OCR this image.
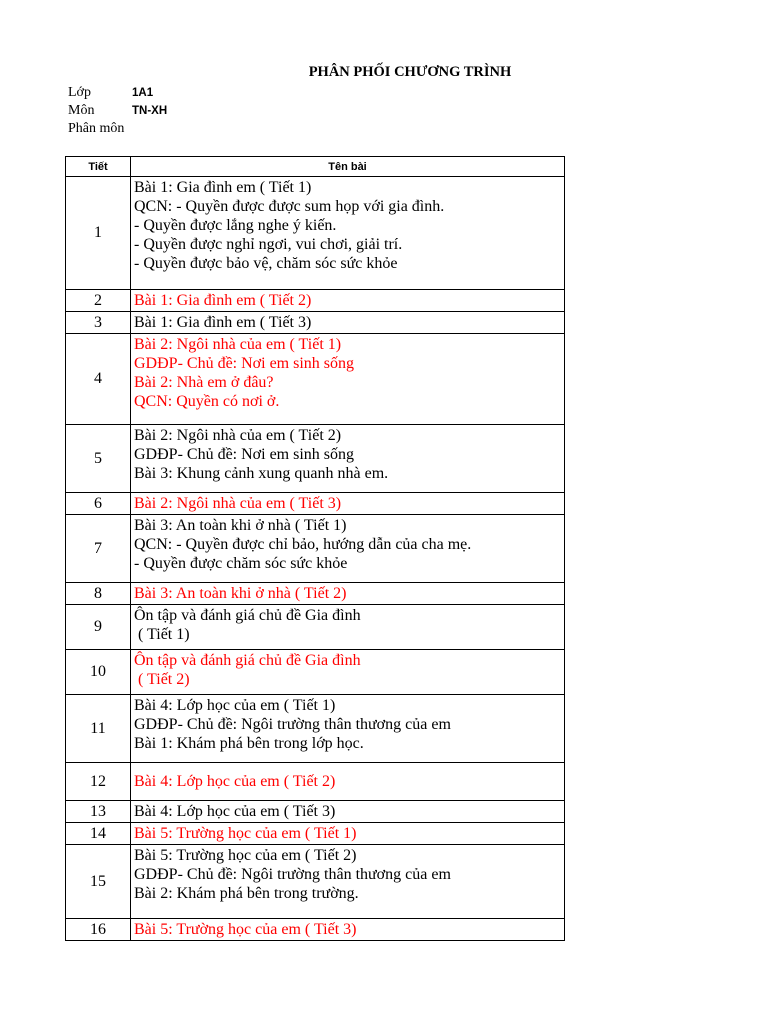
PHÂN PHỐI CHƯƠNG TRÌNH
Lớp	1A1
Môn	TN-XH
Phân môn
Tiết	Tên bài
1	Bài 1: Gia đình em ( Tiết 1)
QCN: - Quyền được được sum họp với gia đình.
- Quyền được lắng nghe ý kiến.
- Quyền được nghỉ ngơi, vui chơi, giải trí.
- Quyền được bảo vệ, chăm sóc sức khỏe

2	Bài 1: Gia đình em ( Tiết 2)

3	Bài 1: Gia đình em ( Tiết 3)

4	Bài 2: Ngôi nhà của em ( Tiết 1)
GDĐP- Chủ đề: Nơi em sinh sống
Bài 2: Nhà em ở đâu?
QCN: Quyền có nơi ở.

5	Bài 2: Ngôi nhà của em ( Tiết 2)
GDĐP- Chủ đề: Nơi em sinh sống
Bài 3: Khung cảnh xung quanh nhà em.

6	Bài 2: Ngôi nhà của em ( Tiết 3)

7	Bài 3: An toàn khi ở nhà ( Tiết 1)
QCN: - Quyền được chỉ bảo, hướng dẫn của cha mẹ.
- Quyền được chăm sóc sức khỏe

8	Bài 3: An toàn khi ở nhà ( Tiết 2)

9	Ôn tập và đánh giá chủ đề Gia đình
( Tiết 1)

10	Ôn tập và đánh giá chủ đề Gia đình
( Tiết 2)

11	Bài 4: Lớp học của em ( Tiết 1)
GDĐP- Chủ đề: Ngôi trường thân thương của em
Bài 1: Khám phá bên trong lớp học.

12	Bài 4: Lớp học của em ( Tiết 2)

13	Bài 4: Lớp học của em ( Tiết 3)

14	Bài 5: Trường học của em ( Tiết 1)

15	Bài 5: Trường học của em ( Tiết 2)
GDĐP- Chủ đề: Ngôi trường thân thương của em
Bài 2: Khám phá bên trong trường.

16	Bài 5: Trường học của em ( Tiết 3)
